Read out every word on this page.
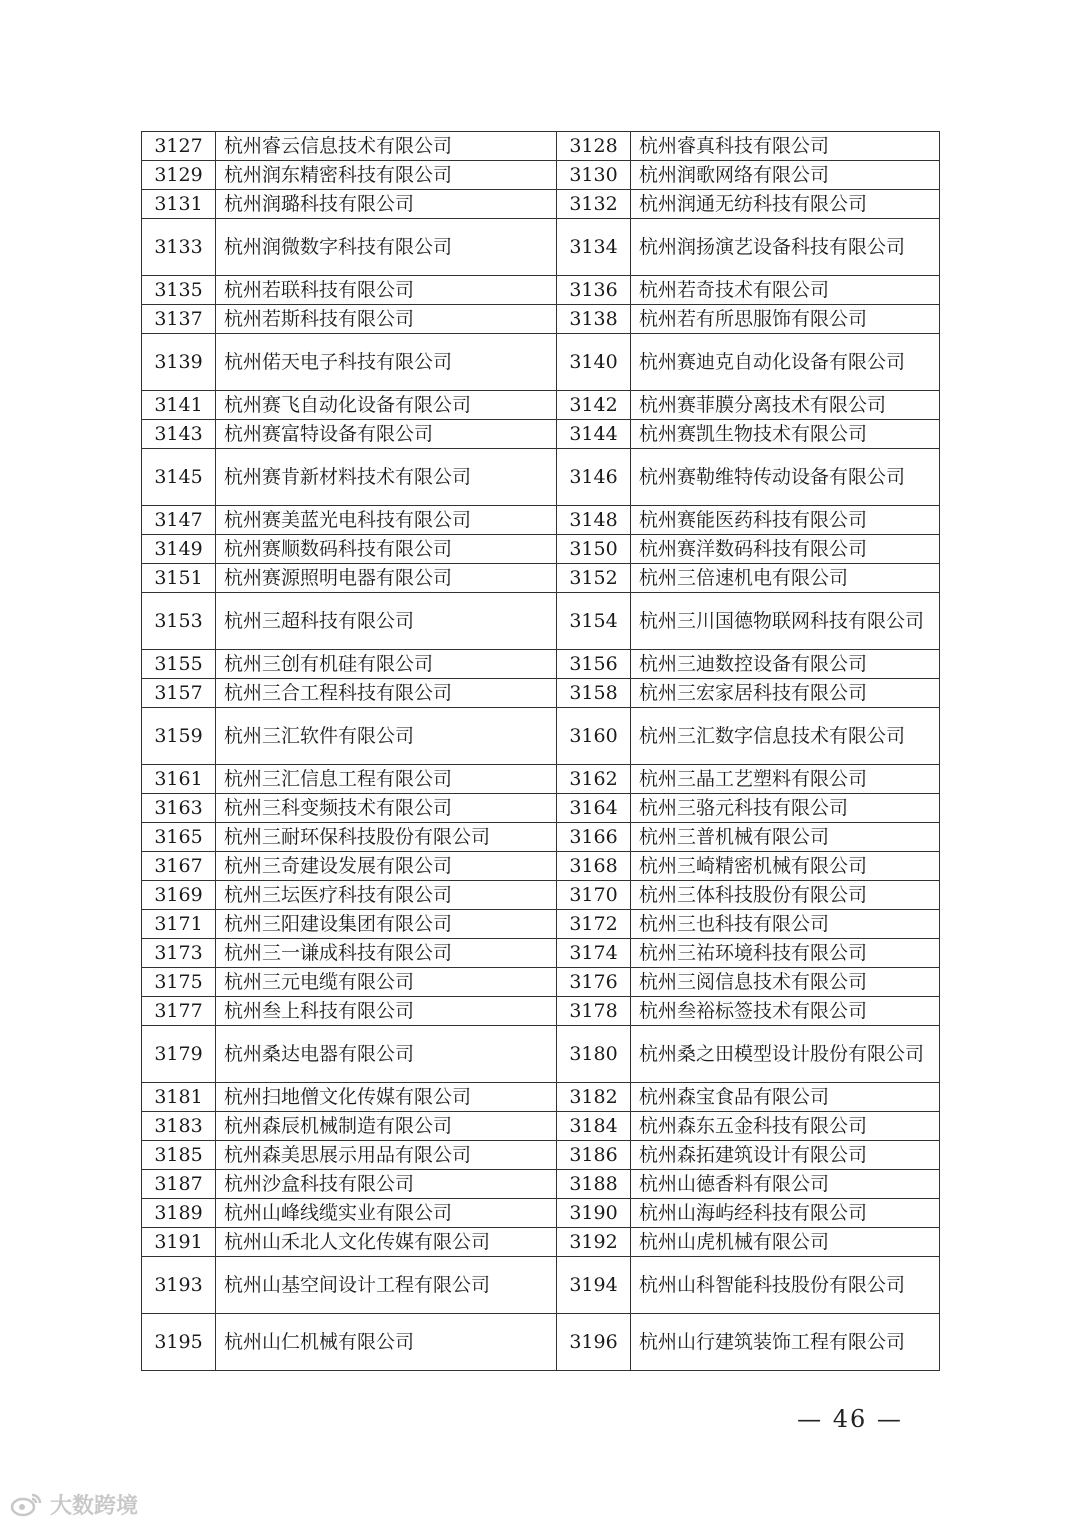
3127	杭州睿云信息技术有限公司	3128	杭州睿真科技有限公司
3129	杭州润东精密科技有限公司	3130	杭州润歌网络有限公司
3131	杭州润璐科技有限公司	3132	杭州润通无纺科技有限公司
3133	杭州润微数字科技有限公司	3134	杭州润扬演艺设备科技有限公司
3135	杭州若联科技有限公司	3136	杭州若奇技术有限公司
3137	杭州若斯科技有限公司	3138	杭州若有所思服饰有限公司
3139	杭州偌天电子科技有限公司	3140	杭州赛迪克自动化设备有限公司
3141	杭州赛飞自动化设备有限公司	3142	杭州赛菲膜分离技术有限公司
3143	杭州赛富特设备有限公司	3144	杭州赛凯生物技术有限公司
3145	杭州赛肯新材料技术有限公司	3146	杭州赛勒维特传动设备有限公司
3147	杭州赛美蓝光电科技有限公司	3148	杭州赛能医药科技有限公司
3149	杭州赛顺数码科技有限公司	3150	杭州赛洋数码科技有限公司
3151	杭州赛源照明电器有限公司	3152	杭州三倍速机电有限公司
3153	杭州三超科技有限公司	3154	杭州三川国德物联网科技有限公司
3155	杭州三创有机硅有限公司	3156	杭州三迪数控设备有限公司
3157	杭州三合工程科技有限公司	3158	杭州三宏家居科技有限公司
3159	杭州三汇软件有限公司	3160	杭州三汇数字信息技术有限公司
3161	杭州三汇信息工程有限公司	3162	杭州三晶工艺塑料有限公司
3163	杭州三科变频技术有限公司	3164	杭州三骆元科技有限公司
3165	杭州三耐环保科技股份有限公司	3166	杭州三普机械有限公司
3167	杭州三奇建设发展有限公司	3168	杭州三崎精密机械有限公司
3169	杭州三坛医疗科技有限公司	3170	杭州三体科技股份有限公司
3171	杭州三阳建设集团有限公司	3172	杭州三也科技有限公司
3173	杭州三一谦成科技有限公司	3174	杭州三祐环境科技有限公司
3175	杭州三元电缆有限公司	3176	杭州三阅信息技术有限公司
3177	杭州叁上科技有限公司	3178	杭州叁裕标签技术有限公司
3179	杭州桑达电器有限公司	3180	杭州桑之田模型设计股份有限公司
3181	杭州扫地僧文化传媒有限公司	3182	杭州森宝食品有限公司
3183	杭州森辰机械制造有限公司	3184	杭州森东五金科技有限公司
3185	杭州森美思展示用品有限公司	3186	杭州森拓建筑设计有限公司
3187	杭州沙盒科技有限公司	3188	杭州山德香料有限公司
3189	杭州山峰线缆实业有限公司	3190	杭州山海屿经科技有限公司
3191	杭州山禾北人文化传媒有限公司	3192	杭州山虎机械有限公司
3193	杭州山基空间设计工程有限公司	3194	杭州山科智能科技股份有限公司
3195	杭州山仁机械有限公司	3196	杭州山行建筑装饰工程有限公司
— 46 —
大数跨境
